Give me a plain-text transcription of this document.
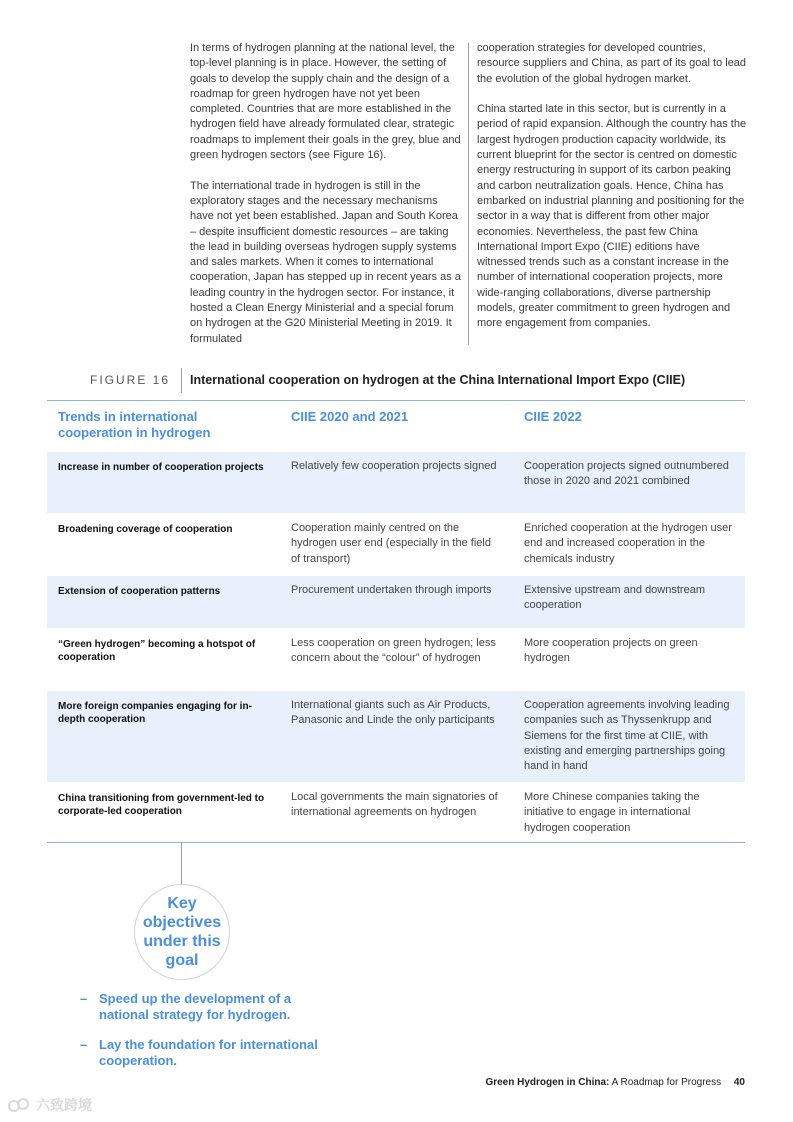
In terms of hydrogen planning at the national level, the top-level planning is in place. However, the setting of goals to develop the supply chain and the design of a roadmap for green hydrogen have not yet been completed. Countries that are more established in the hydrogen field have already formulated clear, strategic roadmaps to implement their goals in the grey, blue and green hydrogen sectors (see Figure 16).

The international trade in hydrogen is still in the exploratory stages and the necessary mechanisms have not yet been established. Japan and South Korea – despite insufficient domestic resources – are taking the lead in building overseas hydrogen supply systems and sales markets. When it comes to international cooperation, Japan has stepped up in recent years as a leading country in the hydrogen sector. For instance, it hosted a Clean Energy Ministerial and a special forum on hydrogen at the G20 Ministerial Meeting in 2019. It formulated

cooperation strategies for developed countries, resource suppliers and China, as part of its goal to lead the evolution of the global hydrogen market.

China started late in this sector, but is currently in a period of rapid expansion. Although the country has the largest hydrogen production capacity worldwide, its current blueprint for the sector is centred on domestic energy restructuring in support of its carbon peaking and carbon neutralization goals. Hence, China has embarked on industrial planning and positioning for the sector in a way that is different from other major economies. Nevertheless, the past few China International Import Expo (CIIE) editions have witnessed trends such as a constant increase in the number of international cooperation projects, more wide-ranging collaborations, diverse partnership models, greater commitment to green hydrogen and more engagement from companies.

FIGURE 16 International cooperation on hydrogen at the China International Import Expo (CIIE)
Trends in international cooperation in hydrogen	CIIE 2020 and 2021	CIIE 2022
Increase in number of cooperation projects	Relatively few cooperation projects signed	Cooperation projects signed outnumbered those in 2020 and 2021 combined
Broadening coverage of cooperation	Cooperation mainly centred on the hydrogen user end (especially in the field of transport)	Enriched cooperation at the hydrogen user end and increased cooperation in the chemicals industry
Extension of cooperation patterns	Procurement undertaken through imports	Extensive upstream and downstream cooperation
“Green hydrogen” becoming a hotspot of cooperation	Less cooperation on green hydrogen; less concern about the “colour” of hydrogen	More cooperation projects on green hydrogen
More foreign companies engaging for in-depth cooperation	International giants such as Air Products, Panasonic and Linde the only participants	Cooperation agreements involving leading companies such as Thyssenkrupp and Siemens for the first time at CIIE, with existing and emerging partnerships going hand in hand
China transitioning from government-led to corporate-led cooperation	Local governments the main signatories of international agreements on hydrogen	More Chinese companies taking the initiative to engage in international hydrogen cooperation
Key objectives under this goal
– Speed up the development of a national strategy for hydrogen.
– Lay the foundation for international cooperation.
Green Hydrogen in China: A Roadmap for Progress 40
六致跨境
